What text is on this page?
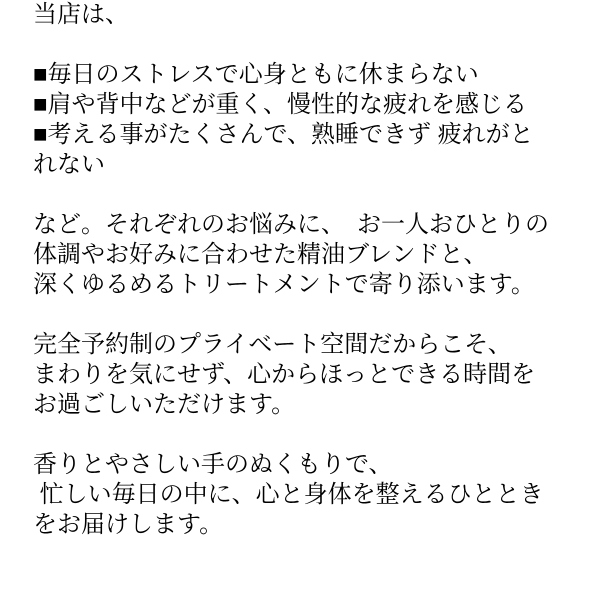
当店は、
■毎日のストレスで心身ともに休まらない
■肩や背中などが重く、慢性的な疲れを感じる
■考える事がたくさんで、熟睡できず 疲れがと
れない
など。それぞれのお悩みに、　お一人おひとりの
体調やお好みに合わせた精油ブレンドと、
深くゆるめるトリートメントで寄り添います。
完全予約制のプライベート空間だからこそ、
まわりを気にせず、心からほっとできる時間を
お過ごしいただけます。
香りとやさしい手のぬくもりで、
忙しい毎日の中に、心と身体を整えるひととき
をお届けします。
